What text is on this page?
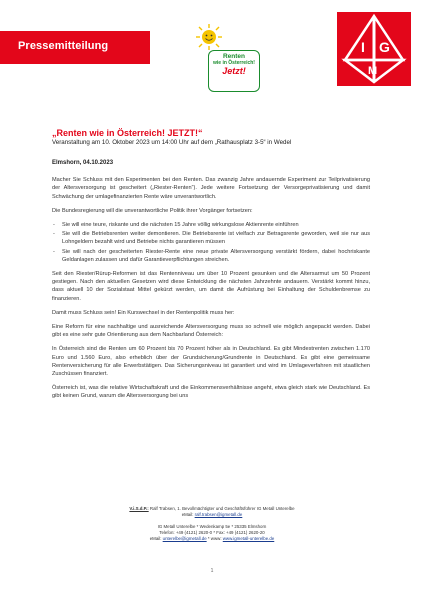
Pressemitteilung
Renten
wie in Österreich!
Jetzt!
I G
M

„Renten wie in Österreich! JETZT!“

Veranstaltung am 10. Oktober 2023 um 14:00 Uhr auf dem „Rathausplatz 3-5“ in Wedel

Elmshorn, 04.10.2023

Macher Sie Schluss mit den Experimenten bei den Renten. Das zwanzig Jahre andauernde Experiment zur Teilprivatisierung der Altersversorgung ist gescheitert („Riester-Renten“). Jede weitere Fortsetzung der Versorgeprivatisierung und damit Schwächung der umlagefinanzierten Rente wäre unverantwortlich.

Die Bundesregierung will die unverantwortliche Politik ihrer Vorgänger fortsetzen:

- Sie will eine teure, riskante und die nächsten 15 Jahre völlig wirkungslose Aktienrente einführen
- Sie will die Betriebsrenten weiter demontieren. Die Betriebsrente ist vielfach zur Betragsrente geworden, weil sie nur aus Lohngeldern bezahlt wird und Betriebe nichts garantieren müssen
- Sie will nach der gescheiterten Riester-Rente eine neue private Altersversorgung verstärkt fördern, dabei hochriskante Geldanlagen zulassen und dafür Garantieverpflichtungen streichen.

Seit den Riester/Rürup-Reformen ist das Rentenniveau um über 10 Prozent gesunken und die Altersarmut um 50 Prozent gestiegen. Nach den aktuellen Gesetzen wird diese Entwicklung die nächsten Jahrzehnte andauern. Verstärkt kommt hinzu, dass aktuell 10 der Sozialstaat Mittel gekürzt werden, um damit die Aufrüstung bei Einhaltung der Schuldenbremse zu finanzieren.

Damit muss Schluss sein! Ein Kurswechsel in der Rentenpolitik muss her:

Eine Reform für eine nachhaltige und ausreichende Altersversorgung muss so schnell wie möglich angepackt werden. Dabei gibt es eine sehr gute Orientierung aus dem Nachbarland Österreich:

In Österreich sind die Renten um 60 Prozent bis 70 Prozent höher als in Deutschland. Es gibt Mindestrenten zwischen 1.170 Euro und 1.560 Euro, also erheblich über der Grundsicherung/Grundrente in Deutschland. Es gibt eine gemeinsame Rentenversicherung für alle Erwerbstätigen. Das Sicherungsniveau ist garantiert und wird im Umlageverfahren mit staatlichen Zuschüssen finanziert.

Österreich ist, was die relative Wirtschaftskraft und die Einkommensverhältnisse angeht, etwa gleich stark wie Deutschland. Es gibt keinen Grund, warum die Altersversorgung bei uns

V.i.S.d.P.: Ralf Trabsen, 1. Bevollmächtigter und Geschäftsführer IG Metall Unterelbe
eMail: ralf.trabsen@igmetall.de
IG Metall Unterelbe * Wedenkamp 5e * 25335 Elmshorn
Telefon: +49 (4121) 2620-0 * Fax: +49 (4121) 2620-20
eMail: unterelbe@igmetall.de * www: www.igmetall-unterelbe.de
1
